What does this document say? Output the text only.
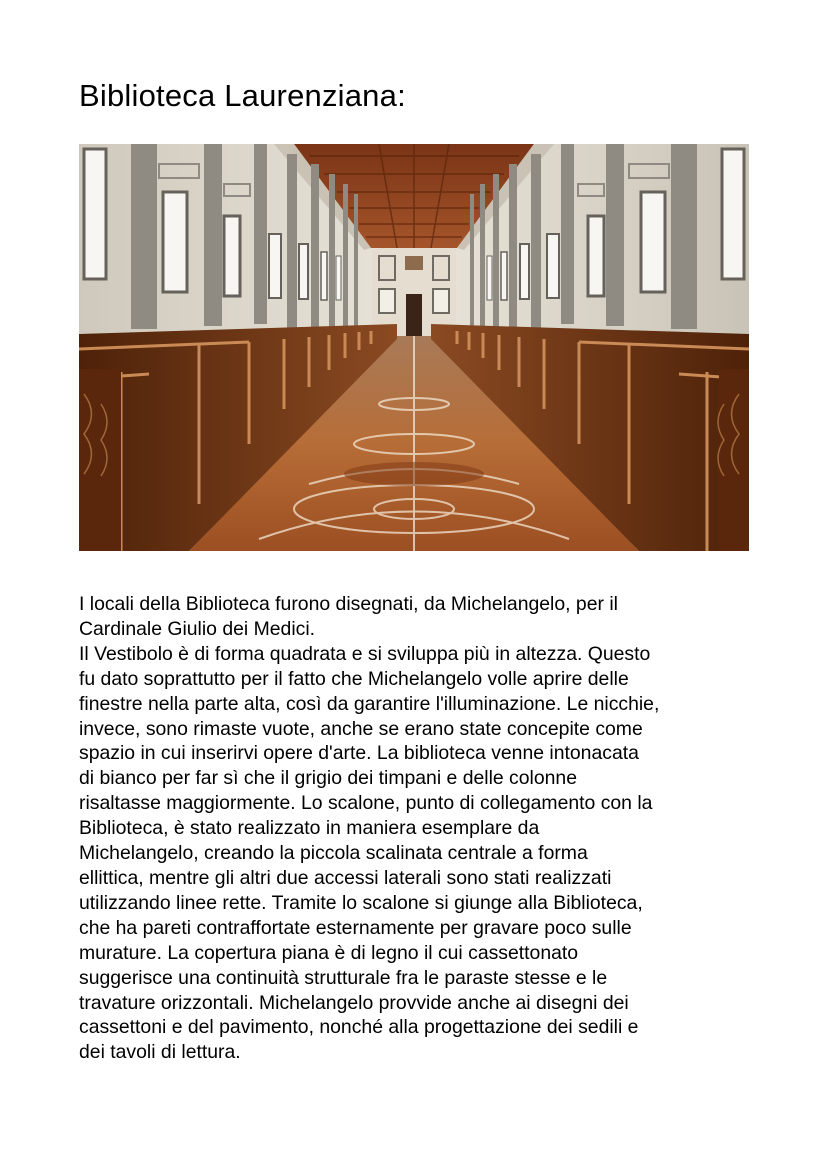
Biblioteca Laurenziana:
I locali della Biblioteca furono disegnati, da Michelangelo, per il
Cardinale Giulio dei Medici.
Il Vestibolo è di forma quadrata e si sviluppa più in altezza. Questo
fu dato soprattutto per il fatto che Michelangelo volle aprire delle
finestre nella parte alta, così da garantire l'illuminazione. Le nicchie,
invece, sono rimaste vuote, anche se erano state concepite come
spazio in cui inserirvi opere d'arte. La biblioteca venne intonacata
di bianco per far sì che il grigio dei timpani e delle colonne
risaltasse maggiormente. Lo scalone, punto di collegamento con la
Biblioteca, è stato realizzato in maniera esemplare da
Michelangelo, creando la piccola scalinata centrale a forma
ellittica, mentre gli altri due accessi laterali sono stati realizzati
utilizzando linee rette. Tramite lo scalone si giunge alla Biblioteca,
che ha pareti contraffortate esternamente per gravare poco sulle
murature. La copertura piana è di legno il cui cassettonato
suggerisce una continuità strutturale fra le paraste stesse e le
travature orizzontali. Michelangelo provvide anche ai disegni dei
cassettoni e del pavimento, nonché alla progettazione dei sedili e
dei tavoli di lettura.
